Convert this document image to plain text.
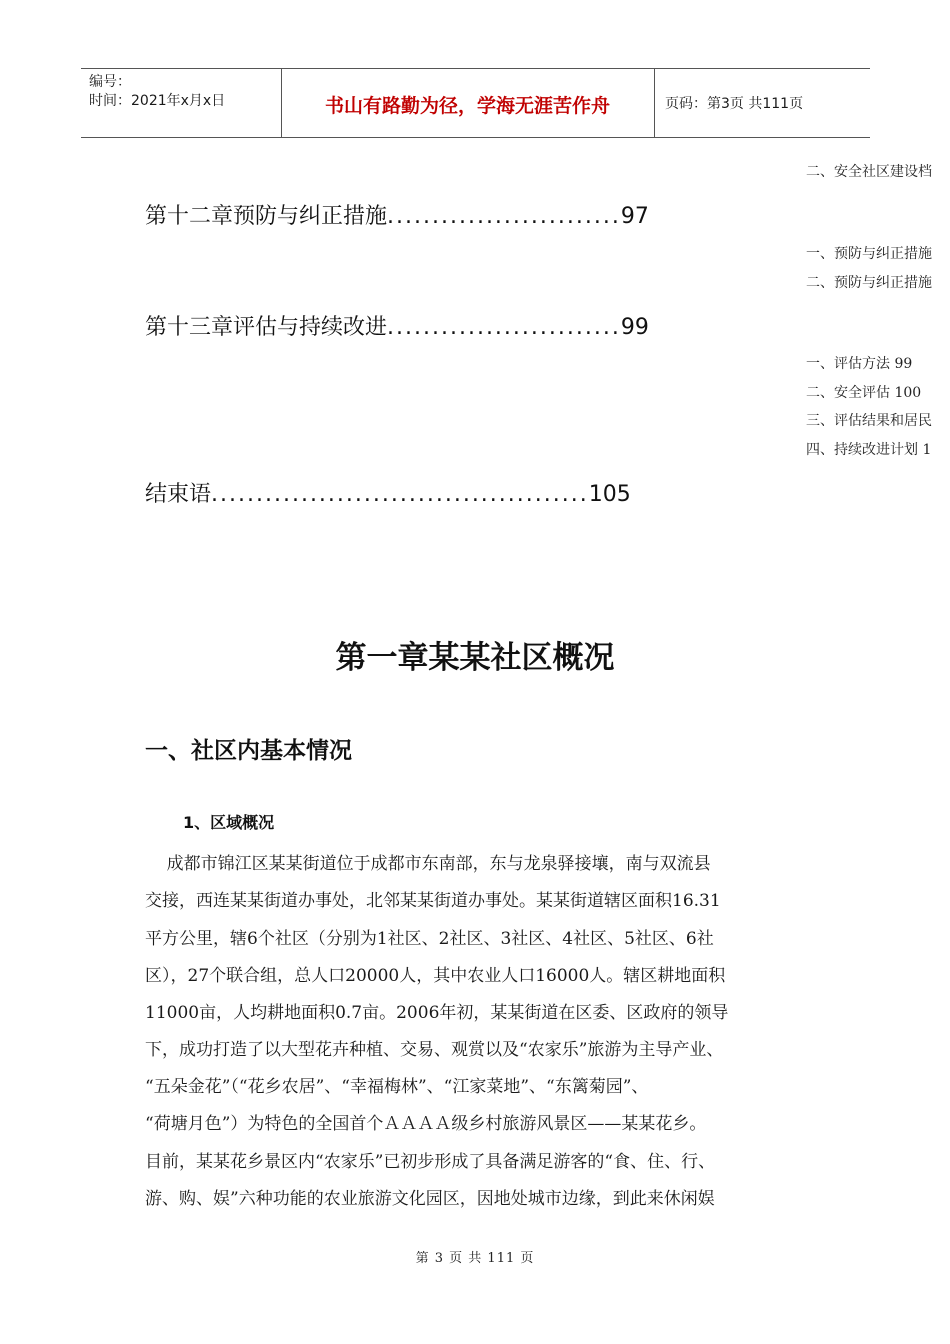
编号：
时间：2021年x月x日	书山有路勤为径，学海无涯苦作舟	页码：第3页 共111页
二、安全社区建设档
第十二章预防与纠正措施..........................97
一、预防与纠正措施
二、预防与纠正措施
第十三章评估与持续改进..........................99
一、评估方法 99
二、安全评估 100
三、评估结果和居民
四、持续改进计划 1
结束语..........................................105
第一章某某社区概况
一、社区内基本情况
1、区域概况
成都市锦江区某某街道位于成都市东南部，东与龙泉驿接壤，南与双流县
交接，西连某某街道办事处，北邻某某街道办事处。某某街道辖区面积16.31
平方公里，辖6个社区（分别为1社区、2社区、3社区、4社区、5社区、6社
区），27个联合组，总人口20000人，其中农业人口16000人。辖区耕地面积
11000亩，人均耕地面积0.7亩。2006年初，某某街道在区委、区政府的领导
下，成功打造了以大型花卉种植、交易、观赏以及“农家乐”旅游为主导产业、
“五朵金花”（“花乡农居”、“幸福梅林”、“江家菜地”、“东篱菊园”、
“荷塘月色”）为特色的全国首个ＡＡＡＡ级乡村旅游风景区——某某花乡。
目前，某某花乡景区内“农家乐”已初步形成了具备满足游客的“食、住、行、
游、购、娱”六种功能的农业旅游文化园区，因地处城市边缘，到此来休闲娱
第 3 页 共 111 页
